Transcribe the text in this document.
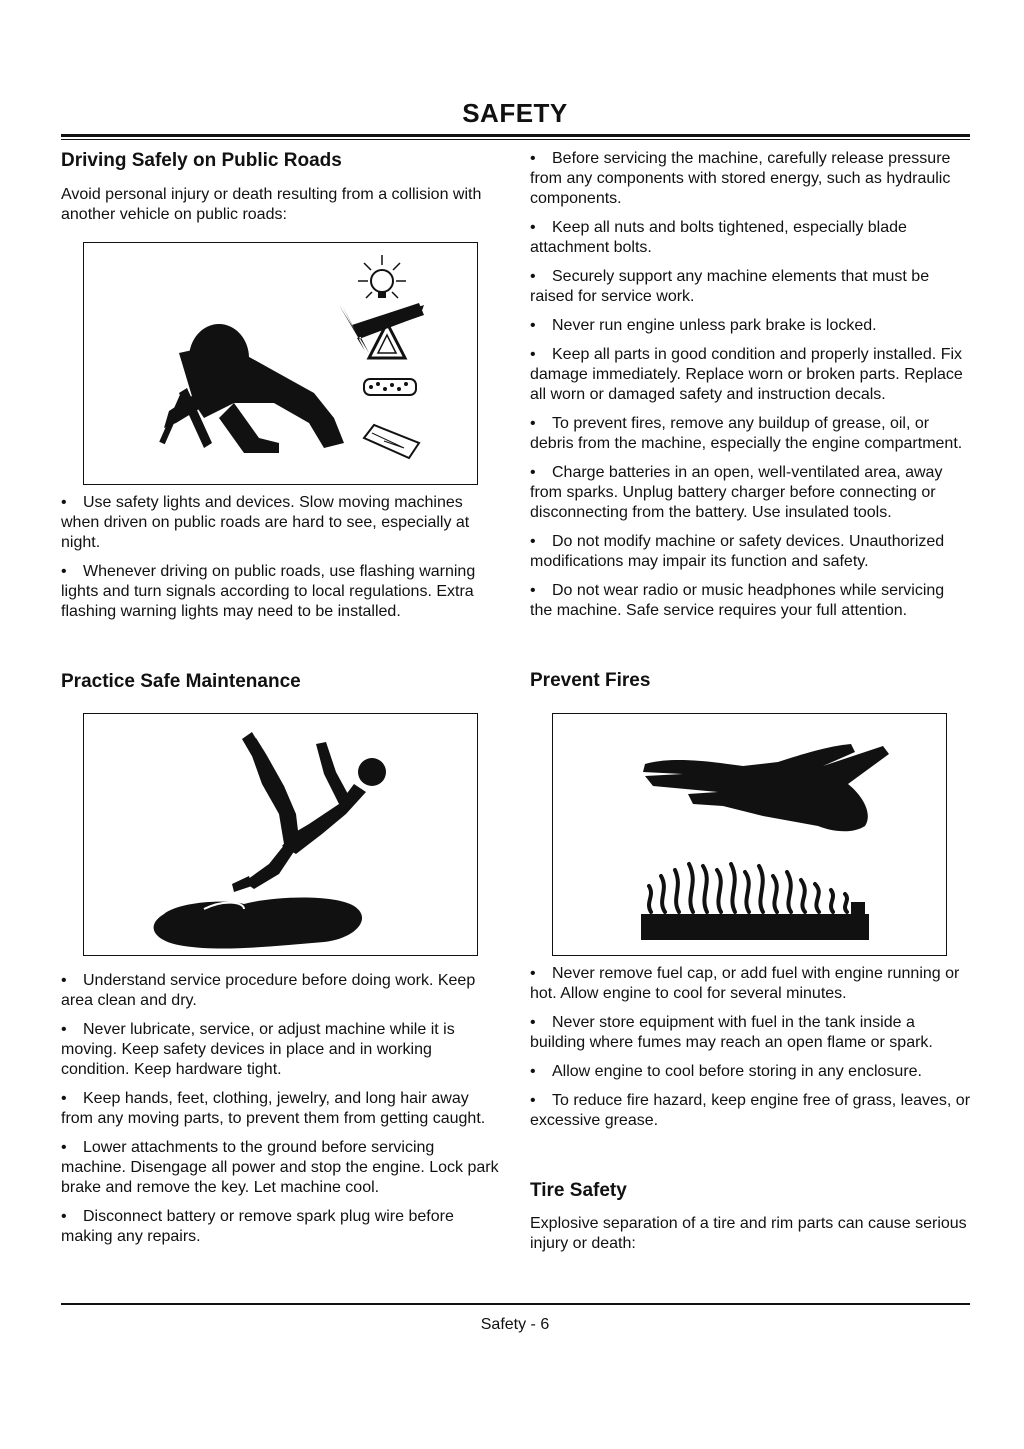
SAFETY
Driving Safely on Public Roads

Avoid personal injury or death resulting from a collision with another vehicle on public roads:

• Use safety lights and devices. Slow moving machines when driven on public roads are hard to see, especially at night.

• Whenever driving on public roads, use flashing warning lights and turn signals according to local regulations. Extra flashing warning lights may need to be installed.

Practice Safe Maintenance

• Understand service procedure before doing work. Keep area clean and dry.

• Never lubricate, service, or adjust machine while it is moving. Keep safety devices in place and in working condition. Keep hardware tight.

• Keep hands, feet, clothing, jewelry, and long hair away from any moving parts, to prevent them from getting caught.

• Lower attachments to the ground before servicing machine. Disengage all power and stop the engine. Lock park brake and remove the key. Let machine cool.

• Disconnect battery or remove spark plug wire before making any repairs.

• Before servicing the machine, carefully release pressure from any components with stored energy, such as hydraulic components.

• Keep all nuts and bolts tightened, especially blade attachment bolts.

• Securely support any machine elements that must be raised for service work.

• Never run engine unless park brake is locked.

• Keep all parts in good condition and properly installed. Fix damage immediately. Replace worn or broken parts. Replace all worn or damaged safety and instruction decals.

• To prevent fires, remove any buildup of grease, oil, or debris from the machine, especially the engine compartment.

• Charge batteries in an open, well-ventilated area, away from sparks. Unplug battery charger before connecting or disconnecting from the battery. Use insulated tools.

• Do not modify machine or safety devices. Unauthorized modifications may impair its function and safety.

• Do not wear radio or music headphones while servicing the machine. Safe service requires your full attention.

Prevent Fires

• Never remove fuel cap, or add fuel with engine running or hot. Allow engine to cool for several minutes.

• Never store equipment with fuel in the tank inside a building where fumes may reach an open flame or spark.

• Allow engine to cool before storing in any enclosure.

• To reduce fire hazard, keep engine free of grass, leaves, or excessive grease.

Tire Safety

Explosive separation of a tire and rim parts can cause serious injury or death:

Safety - 6
